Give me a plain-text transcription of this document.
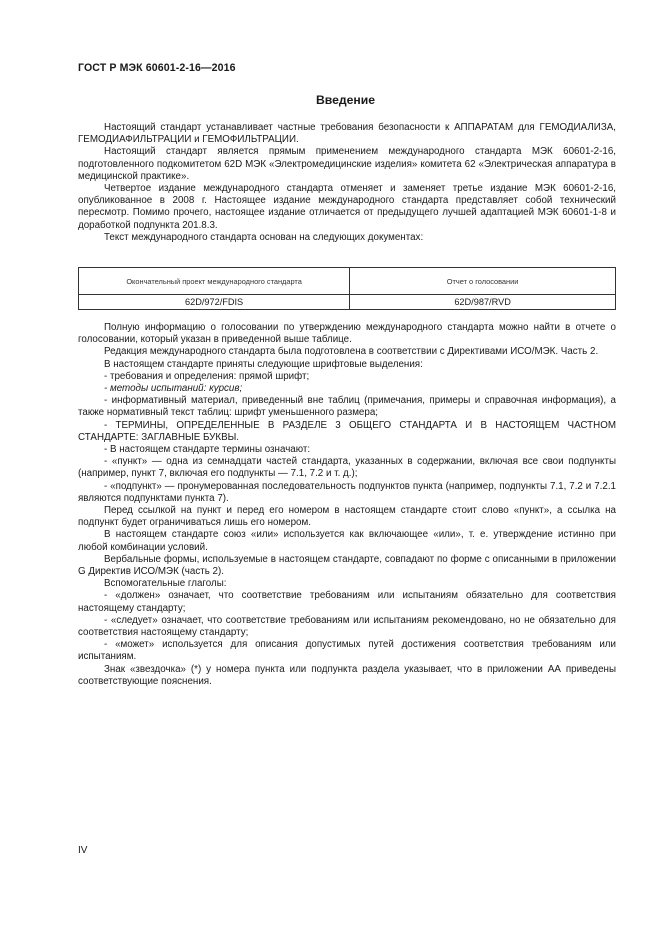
ГОСТ Р МЭК 60601-2-16—2016
Введение

Настоящий стандарт устанавливает частные требования безопасности к АППАРАТАМ для ГЕМОДИАЛИЗА, ГЕМОДИАФИЛЬТРАЦИИ и ГЕМОФИЛЬТРАЦИИ.

Настоящий стандарт является прямым применением международного стандарта МЭК 60601-2-16, подготовленного подкомитетом 62D МЭК «Электромедицинские изделия» комитета 62 «Электрическая аппаратура в медицинской практике».

Четвертое издание международного стандарта отменяет и заменяет третье издание МЭК 60601-2-16, опубликованное в 2008 г. Настоящее издание международного стандарта представляет собой технический пересмотр. Помимо прочего, настоящее издание отличается от предыдущего лучшей адаптацией МЭК 60601-1-8 и доработкой подпункта 201.8.3.

Текст международного стандарта основан на следующих документах:

Окончательный проект международного стандарта	Отчет о голосовании
62D/972/FDIS	62D/987/RVD

Полную информацию о голосовании по утверждению международного стандарта можно найти в отчете о голосовании, который указан в приведенной выше таблице.

Редакция международного стандарта была подготовлена в соответствии с Директивами ИСО/МЭК. Часть 2.

В настоящем стандарте приняты следующие шрифтовые выделения:

- требования и определения: прямой шрифт;

- методы испытаний: курсив;

- информативный материал, приведенный вне таблиц (примечания, примеры и справочная информация), а также нормативный текст таблиц: шрифт уменьшенного размера;

- ТЕРМИНЫ, ОПРЕДЕЛЕННЫЕ В РАЗДЕЛЕ 3 ОБЩЕГО СТАНДАРТА И В НАСТОЯЩЕМ ЧАСТНОМ СТАНДАРТЕ: ЗАГЛАВНЫЕ БУКВЫ.

- В настоящем стандарте термины означают:

- «пункт» — одна из семнадцати частей стандарта, указанных в содержании, включая все свои подпункты (например, пункт 7, включая его подпункты — 7.1, 7.2 и т. д.);

- «подпункт» — пронумерованная последовательность подпунктов пункта (например, подпункты 7.1, 7.2 и 7.2.1 являются подпунктами пункта 7).

Перед ссылкой на пункт и перед его номером в настоящем стандарте стоит слово «пункт», а ссылка на подпункт будет ограничиваться лишь его номером.

В настоящем стандарте союз «или» используется как включающее «или», т. е. утверждение истинно при любой комбинации условий.

Вербальные формы, используемые в настоящем стандарте, совпадают по форме с описанными в приложении G Директив ИСО/МЭК (часть 2).

Вспомогательные глаголы:

- «должен» означает, что соответствие требованиям или испытаниям обязательно для соответствия настоящему стандарту;

- «следует» означает, что соответствие требованиям или испытаниям рекомендовано, но не обязательно для соответствия настоящему стандарту;

- «может» используется для описания допустимых путей достижения соответствия требованиям или испытаниям.

Знак «звездочка» (*) у номера пункта или подпункта раздела указывает, что в приложении АА приведены соответствующие пояснения.

IV
